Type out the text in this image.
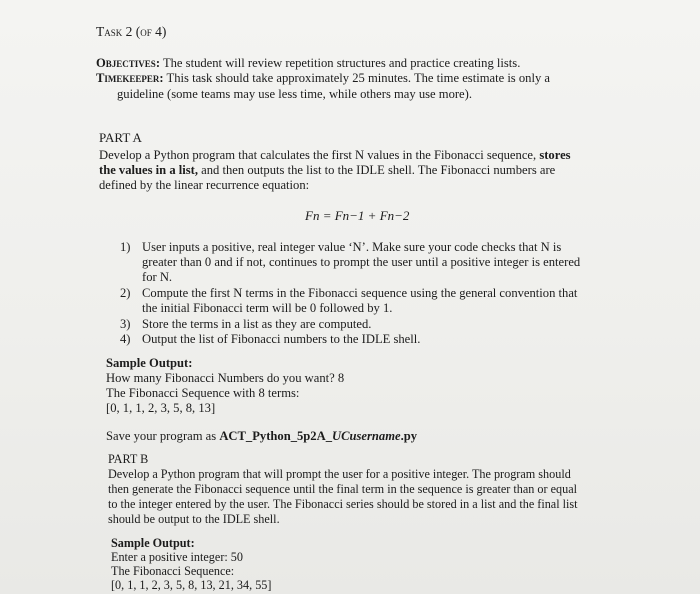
Task 2 (of 4)
Objectives: The student will review repetition structures and practice creating lists.
Timekeeper: This task should take approximately 25 minutes. The time estimate is only a
guideline (some teams may use less time, while others may use more).
PART A
Develop a Python program that calculates the first N values in the Fibonacci sequence, stores
the values in a list, and then outputs the list to the IDLE shell. The Fibonacci numbers are
defined by the linear recurrence equation:
Fn = Fn−1 + Fn−2
1) User inputs a positive, real integer value ‘N’. Make sure your code checks that N is
greater than 0 and if not, continues to prompt the user until a positive integer is entered
for N.
2) Compute the first N terms in the Fibonacci sequence using the general convention that
the initial Fibonacci term will be 0 followed by 1.
3) Store the terms in a list as they are computed.
4) Output the list of Fibonacci numbers to the IDLE shell.
Sample Output:
How many Fibonacci Numbers do you want? 8
The Fibonacci Sequence with 8 terms:
[0, 1, 1, 2, 3, 5, 8, 13]
Save your program as ACT_Python_5p2A_UCusername.py
PART B
Develop a Python program that will prompt the user for a positive integer. The program should
then generate the Fibonacci sequence until the final term in the sequence is greater than or equal
to the integer entered by the user. The Fibonacci series should be stored in a list and the final list
should be output to the IDLE shell.
Sample Output:
Enter a positive integer: 50
The Fibonacci Sequence:
[0, 1, 1, 2, 3, 5, 8, 13, 21, 34, 55]
